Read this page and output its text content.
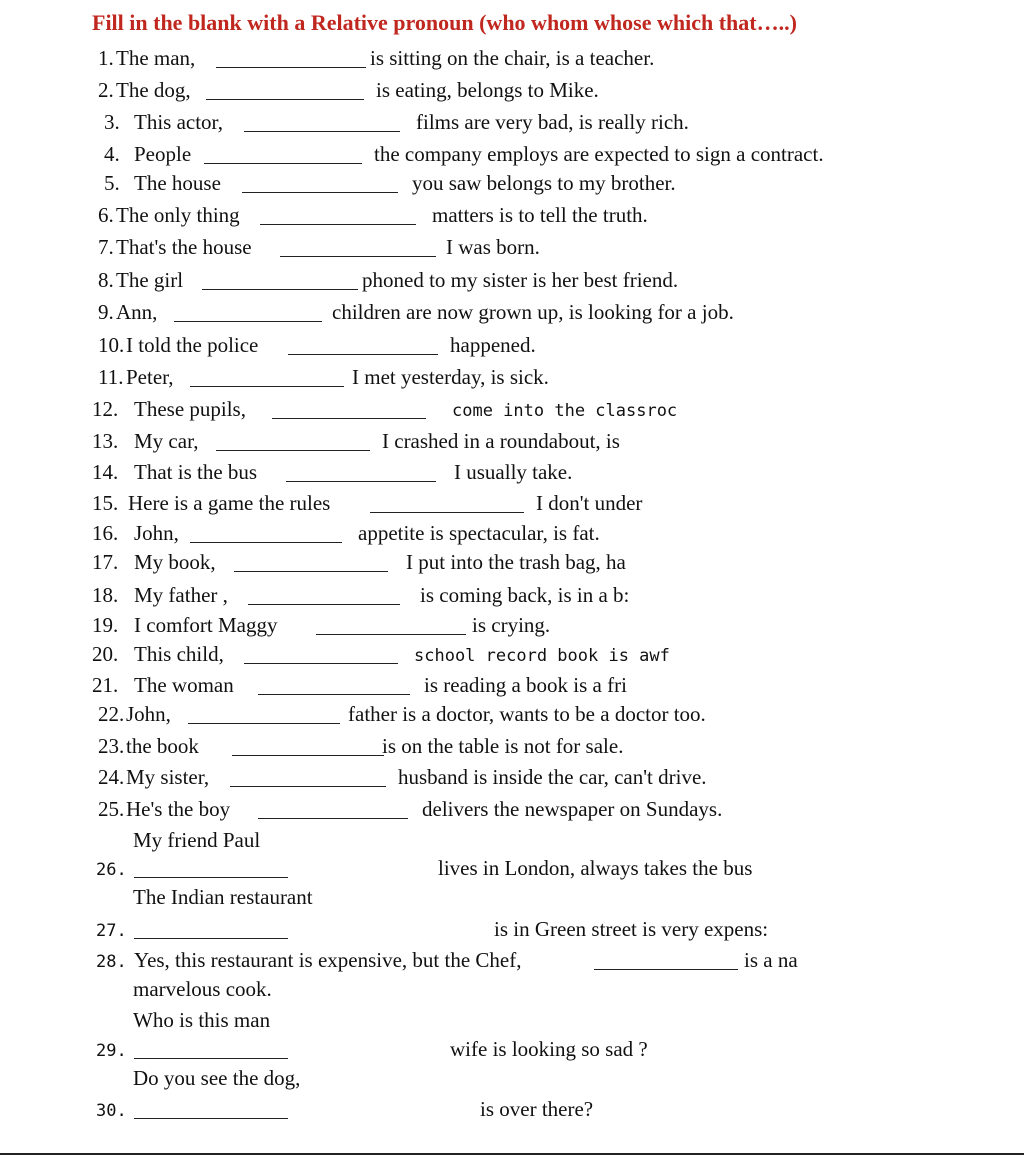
Fill in the blank with a Relative pronoun (who whom whose which that…..)
1. The man,	is sitting on the chair, is a teacher.
2. The dog,	is eating, belongs to Mike.
3. This actor,	films are very bad, is really rich.
4. People	the company employs are expected to sign a contract.
5. The house	you saw belongs to my brother.
6. The only thing	matters is to tell the truth.
7. That's the house	I was born.
8. The girl	phoned to my sister is her best friend.
9. Ann,	children are now grown up, is looking for a job.
10. I told the police	happened.
11. Peter,	I met yesterday, is sick.
12. These pupils,	come into the classroc
13. My car,	I crashed in a roundabout, is
14. That is the bus	I usually take.
15. Here is a game the rules	I don't under
16. John,	appetite is spectacular, is fat.
17. My book,	I put into the trash bag, ha
18. My father ,	is coming back, is in a b:
19. I comfort Maggy	is crying.
20. This child,	school record book is awf
21. The woman	is reading a book is a fri
22. John,	father is a doctor, wants to be a doctor too.
23. the book	is on the table is not for sale.
24. My sister,	husband is inside the car, can't drive.
25. He's the boy	delivers the newspaper on Sundays.
My friend Paul
26.	lives in London, always takes the bus
The Indian restaurant
27.	is in Green street is very expens:
28. Yes, this restaurant is expensive, but the Chef,	is a na
marvelous cook.
Who is this man
29.	wife is looking so sad ?
Do you see the dog,
30.	is over there?
